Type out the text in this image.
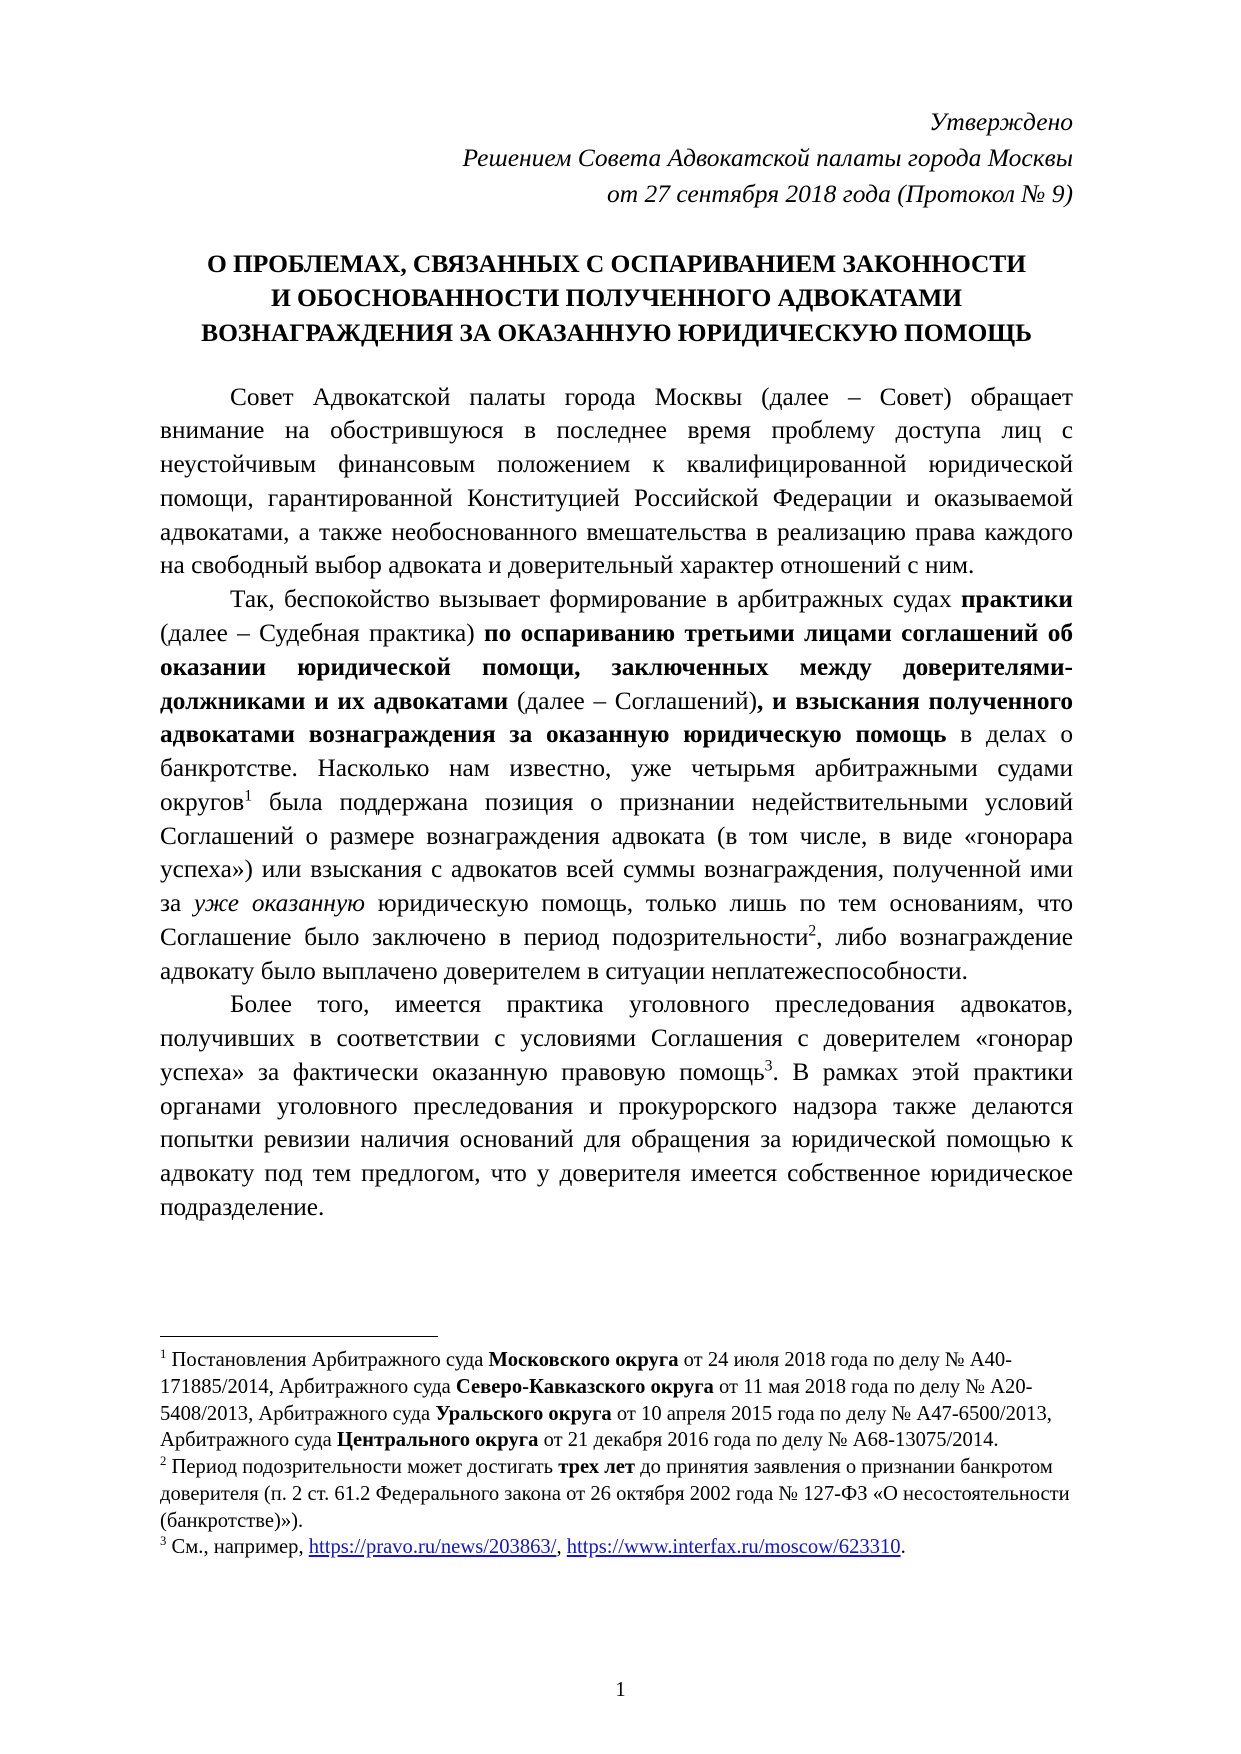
Утверждено
Решением Совета Адвокатской палаты города Москвы
от 27 сентября 2018 года (Протокол № 9)
О ПРОБЛЕМАХ, СВЯЗАННЫХ С ОСПАРИВАНИЕМ ЗАКОННОСТИ
И ОБОСНОВАННОСТИ ПОЛУЧЕННОГО АДВОКАТАМИ
ВОЗНАГРАЖДЕНИЯ ЗА ОКАЗАННУЮ ЮРИДИЧЕСКУЮ ПОМОЩЬ

Совет Адвокатской палаты города Москвы (далее – Совет) обращает внимание на обострившуюся в последнее время проблему доступа лиц с неустойчивым финансовым положением к квалифицированной юридической помощи, гарантированной Конституцией Российской Федерации и оказываемой адвокатами, а также необоснованного вмешательства в реализацию права каждого на свободный выбор адвоката и доверительный характер отношений с ним.

Так, беспокойство вызывает формирование в арбитражных судах практики (далее – Судебная практика) по оспариванию третьими лицами соглашений об оказании юридической помощи, заключенных между доверителями-должниками и их адвокатами (далее – Соглашений), и взыскания полученного адвокатами вознаграждения за оказанную юридическую помощь в делах о банкротстве. Насколько нам известно, уже четырьмя арбитражными судами округов$^1$ была поддержана позиция о признании недействительными условий Соглашений о размере вознаграждения адвоката (в том числе, в виде «гонорара успеха») или взыскания с адвокатов всей суммы вознаграждения, полученной ими за уже оказанную юридическую помощь, только лишь по тем основаниям, что Соглашение было заключено в период подозрительности$^2$, либо вознаграждение адвокату было выплачено доверителем в ситуации неплатежеспособности.

Более того, имеется практика уголовного преследования адвокатов, получивших в соответствии с условиями Соглашения с доверителем «гонорар успеха» за фактически оказанную правовую помощь$^3$. В рамках этой практики органами уголовного преследования и прокурорского надзора также делаются попытки ревизии наличия оснований для обращения за юридической помощью к адвокату под тем предлогом, что у доверителя имеется собственное юридическое подразделение.

$^1$ Постановления Арбитражного суда Московского округа от 24 июля 2018 года по делу № А40-171885/2014, Арбитражного суда Северо-Кавказского округа от 11 мая 2018 года по делу № А20-5408/2013, Арбитражного суда Уральского округа от 10 апреля 2015 года по делу № А47-6500/2013, Арбитражного суда Центрального округа от 21 декабря 2016 года по делу № А68-13075/2014.

$^2$ Период подозрительности может достигать трех лет до принятия заявления о признании банкротом доверителя (п. 2 ст. 61.2 Федерального закона от 26 октября 2002 года № 127-ФЗ «О несостоятельности (банкротстве)»).

$^3$ См., например, https://pravo.ru/news/203863/, https://www.interfax.ru/moscow/623310.

1
